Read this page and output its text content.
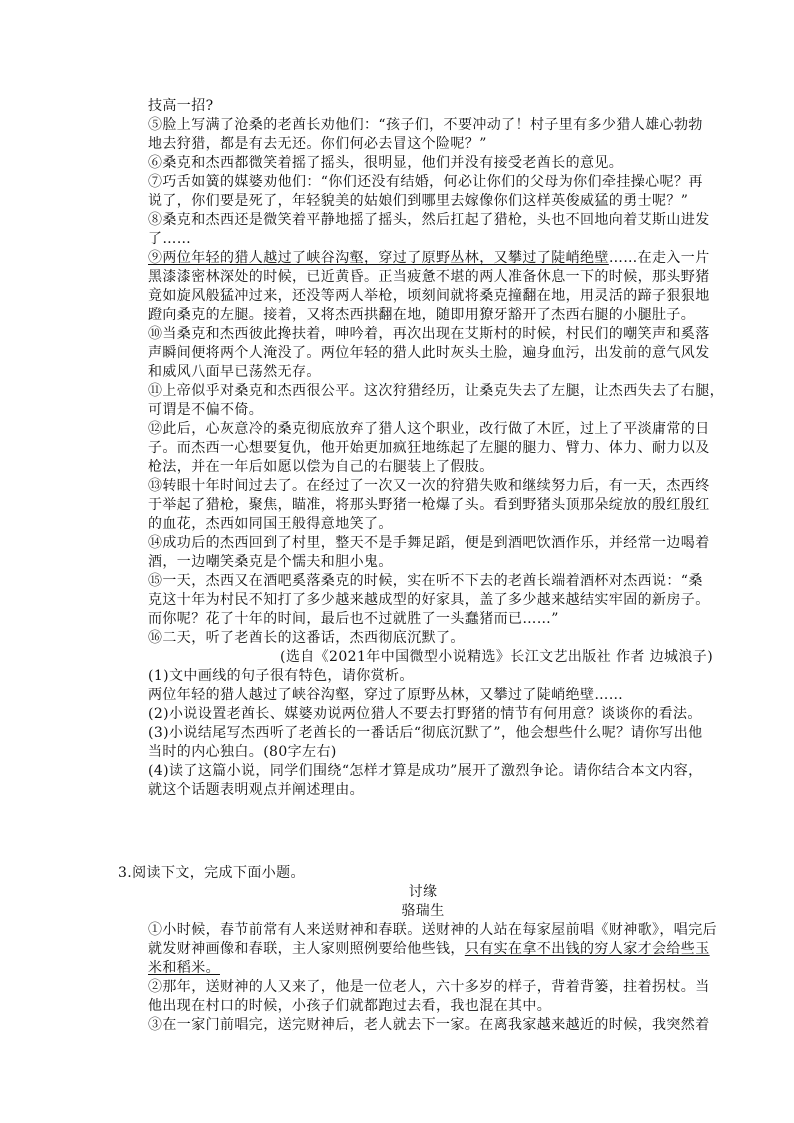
技高一招?
⑤脸上写满了沧桑的老酋长劝他们：“孩子们，不要冲动了！村子里有多少猎人雄心勃勃
地去狩猎，都是有去无还。你们何必去冒这个险呢？”
⑥桑克和杰西都微笑着摇了摇头，很明显，他们并没有接受老酋长的意见。
⑦巧舌如簧的媒婆劝他们：“你们还没有结婚，何必让你们的父母为你们牵挂操心呢？再
说了，你们要是死了，年轻貌美的姑娘们到哪里去嫁像你们这样英俊威猛的勇士呢？”
⑧桑克和杰西还是微笑着平静地摇了摇头，然后扛起了猎枪，头也不回地向着艾斯山进发
了……
⑨两位年轻的猎人越过了峡谷沟壑，穿过了原野丛林，又攀过了陡峭绝壁……在走入一片
黑漆漆密林深处的时候，已近黄昏。正当疲惫不堪的两人准备休息一下的时候，那头野猪
竟如旋风般猛冲过来，还没等两人举枪，顷刻间就将桑克撞翻在地，用灵活的蹄子狠狠地
蹬向桑克的左腿。接着，又将杰西拱翻在地，随即用獠牙豁开了杰西右腿的小腿肚子。
⑩当桑克和杰西彼此搀扶着，呻吟着，再次出现在艾斯村的时候，村民们的嘲笑声和奚落
声瞬间便将两个人淹没了。两位年轻的猎人此时灰头土脸，遍身血污，出发前的意气风发
和威风八面早已荡然无存。
⑪上帝似乎对桑克和杰西很公平。这次狩猎经历，让桑克失去了左腿，让杰西失去了右腿，
可谓是不偏不倚。
⑫此后，心灰意冷的桑克彻底放弃了猎人这个职业，改行做了木匠，过上了平淡庸常的日
子。而杰西一心想要复仇，他开始更加疯狂地练起了左腿的腿力、臂力、体力、耐力以及
枪法，并在一年后如愿以偿为自己的右腿装上了假肢。
⑬转眼十年时间过去了。在经过了一次又一次的狩猎失败和继续努力后，有一天，杰西终
于举起了猎枪，聚焦，瞄准，将那头野猪一枪爆了头。看到野猪头顶那朵绽放的殷红殷红
的血花，杰西如同国王般得意地笑了。
⑭成功后的杰西回到了村里，整天不是手舞足蹈，便是到酒吧饮酒作乐，并经常一边喝着
酒，一边嘲笑桑克是个懦夫和胆小鬼。
⑮一天，杰西又在酒吧奚落桑克的时候，实在听不下去的老酋长端着酒杯对杰西说：“桑
克这十年为村民不知打了多少越来越成型的好家具，盖了多少越来越结实牢固的新房子。
而你呢？花了十年的时间，最后也不过就胜了一头蠢猪而已……”
⑯二天，听了老酋长的这番话，杰西彻底沉默了。
(选自《2021年中国微型小说精选》长江文艺出版社 作者 边城浪子)
(1)文中画线的句子很有特色，请你赏析。
两位年轻的猎人越过了峡谷沟壑，穿过了原野丛林，又攀过了陡峭绝壁……
(2)小说设置老酋长、媒婆劝说两位猎人不要去打野猪的情节有何用意？谈谈你的看法。
(3)小说结尾写杰西听了老酋长的一番话后“彻底沉默了”，他会想些什么呢？请你写出他
当时的内心独白。(80字左右)
(4)读了这篇小说，同学们围绕“怎样才算是成功”展开了激烈争论。请你结合本文内容，
就这个话题表明观点并阐述理由。
3.阅读下文，完成下面小题。
讨缘
骆瑞生
①小时候，春节前常有人来送财神和春联。送财神的人站在每家屋前唱《财神歌》，唱完后
就发财神画像和春联，主人家则照例要给他些钱，只有实在拿不出钱的穷人家才会给些玉
米和稻米。
②那年，送财神的人又来了，他是一位老人，六十多岁的样子，背着背篓，拄着拐杖。当
他出现在村口的时候，小孩子们就都跑过去看，我也混在其中。
③在一家门前唱完，送完财神后，老人就去下一家。在离我家越来越近的时候，我突然着
